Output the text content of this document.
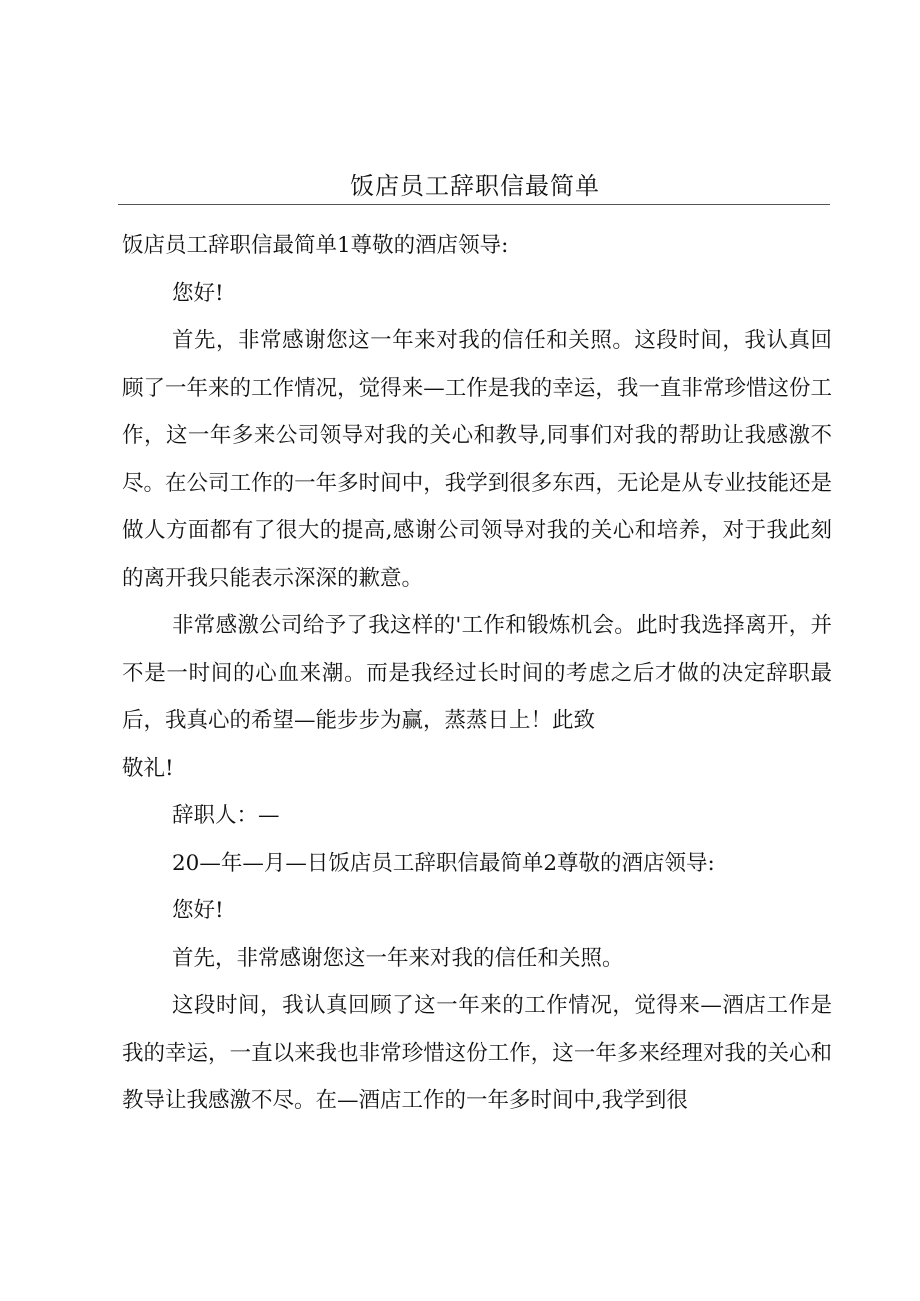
饭店员工辞职信最简单

饭店员工辞职信最简单1尊敬的酒店领导:

您好!

首先，非常感谢您这一年来对我的信任和关照。这段时间，我认真回顾了一年来的工作情况，觉得来—工作是我的幸运，我一直非常珍惜这份工作，这一年多来公司领导对我的关心和教导,同事们对我的帮助让我感激不尽。在公司工作的一年多时间中，我学到很多东西，无论是从专业技能还是做人方面都有了很大的提高,感谢公司领导对我的关心和培养，对于我此刻的离开我只能表示深深的歉意。

非常感激公司给予了我这样的'工作和锻炼机会。此时我选择离开，并不是一时间的心血来潮。而是我经过长时间的考虑之后才做的决定辞职最后，我真心的希望—能步步为赢，蒸蒸日上！此致

敬礼!

辞职人：—

20—年—月—日饭店员工辞职信最简单2尊敬的酒店领导:

您好!

首先，非常感谢您这一年来对我的信任和关照。

这段时间，我认真回顾了这一年来的工作情况，觉得来—酒店工作是我的幸运，一直以来我也非常珍惜这份工作，这一年多来经理对我的关心和教导让我感激不尽。在—酒店工作的一年多时间中,我学到很
